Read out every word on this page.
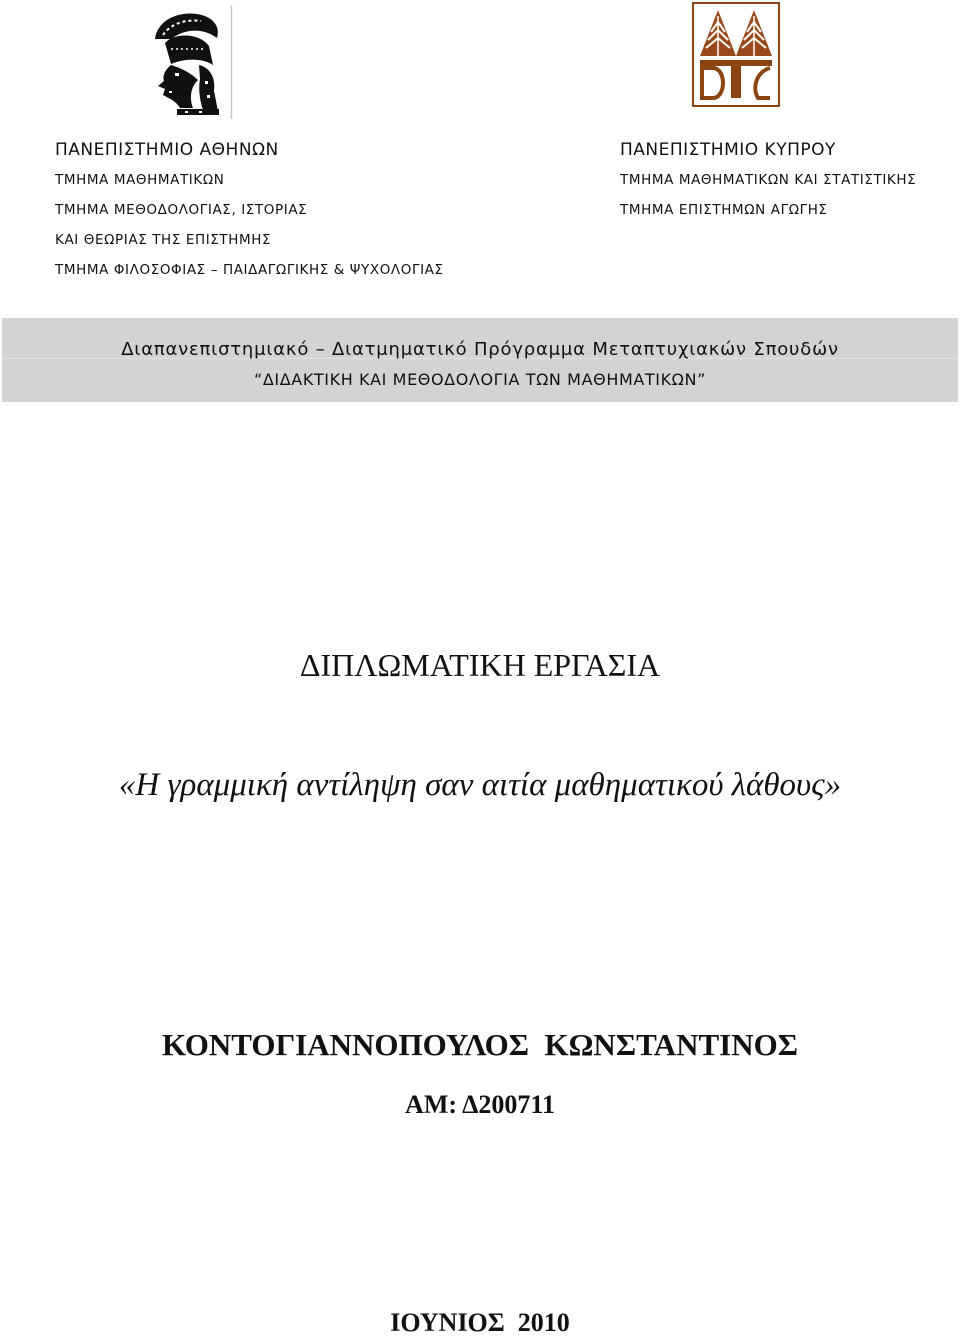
ΠΑΝΕΠΙΣΤΗΜΙΟ ΑΘΗΝΩΝ
ΤΜΗΜΑ ΜΑΘΗΜΑΤΙΚΩΝ
ΤΜΗΜΑ ΜΕΘΟΔΟΛΟΓΙΑΣ, ΙΣΤΟΡΙΑΣ
ΚΑΙ ΘΕΩΡΙΑΣ ΤΗΣ ΕΠΙΣΤΗΜΗΣ
ΤΜΗΜΑ ΦΙΛΟΣΟΦΙΑΣ – ΠΑΙΔΑΓΩΓΙΚΗΣ & ΨΥΧΟΛΟΓΙΑΣ
ΠΑΝΕΠΙΣΤΗΜΙΟ ΚΥΠΡΟΥ
ΤΜΗΜΑ ΜΑΘΗΜΑΤΙΚΩΝ ΚΑΙ ΣΤΑΤΙΣΤΙΚΗΣ
ΤΜΗΜΑ ΕΠΙΣΤΗΜΩΝ ΑΓΩΓΗΣ
Διαπανεπιστημιακό – Διατμηματικό Πρόγραμμα Μεταπτυχιακών Σπουδών
“ΔΙΔΑΚΤΙΚΗ ΚΑΙ ΜΕΘΟΔΟΛΟΓΙΑ ΤΩΝ ΜΑΘΗΜΑΤΙΚΩΝ”
ΔΙΠΛΩΜΑΤΙΚΗ ΕΡΓΑΣΙΑ
«Η γραμμική αντίληψη σαν αιτία μαθηματικού λάθους»
ΚΟΝΤΟΓΙΑΝΝΟΠΟΥΛΟΣ  ΚΩΝΣΤΑΝΤΙΝΟΣ
ΑΜ: Δ200711
ΙΟΥΝΙΟΣ  2010
